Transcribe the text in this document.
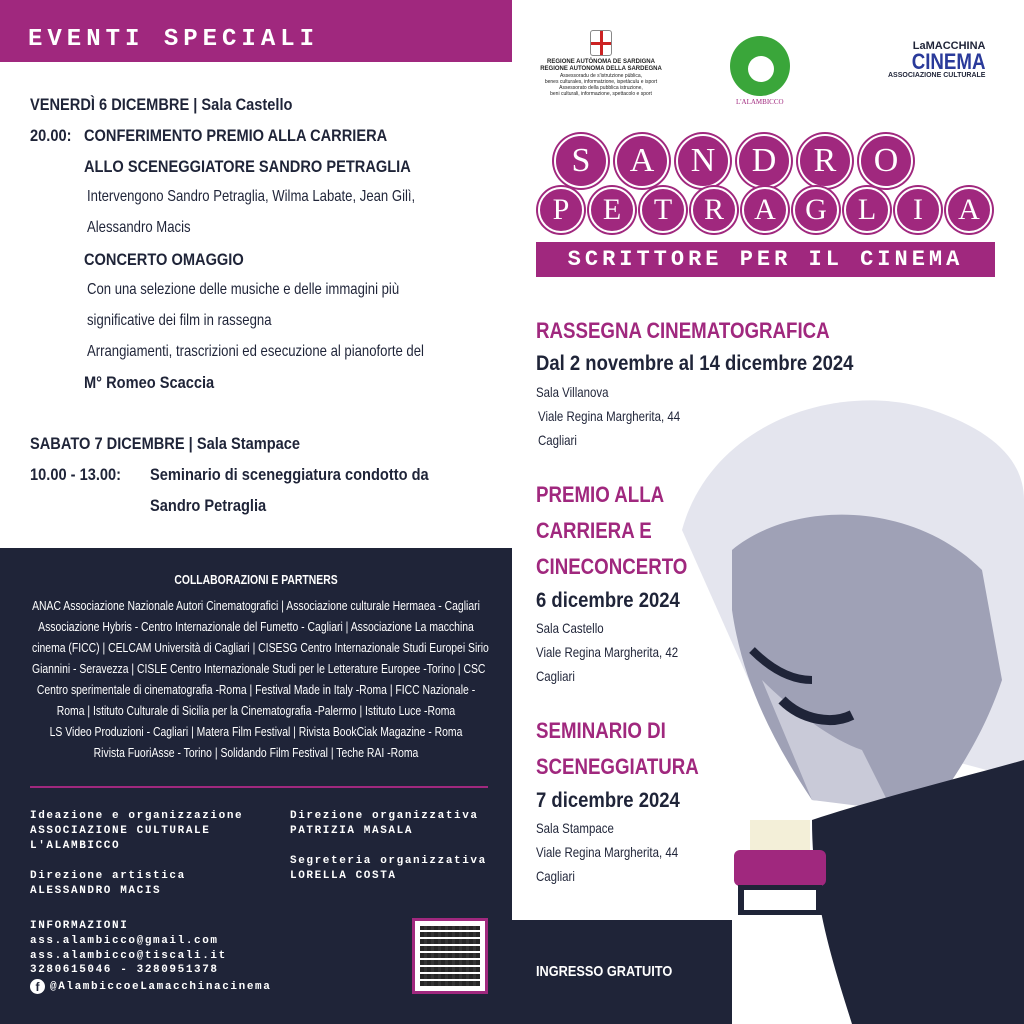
EVENTI SPECIALI
VENERDÌ 6 DICEMBRE | Sala Castello
20.00: CONFERIMENTO PREMIO ALLA CARRIERA
ALLO SCENEGGIATORE SANDRO PETRAGLIA
Intervengono Sandro Petraglia, Wilma Labate, Jean Gilì,
Alessandro Macis
CONCERTO OMAGGIO
Con una selezione delle musiche e delle immagini più
significative dei film in rassegna
Arrangiamenti, trascrizioni ed esecuzione al pianoforte del
M° Romeo Scaccia
SABATO 7 DICEMBRE | Sala Stampace
10.00 - 13.00: Seminario di sceneggiatura condotto da
Sandro Petraglia
COLLABORAZIONI E PARTNERS
ANAC Associazione Nazionale Autori Cinematografici | Associazione culturale Hermaea - Cagliari
Associazione Hybris - Centro Internazionale del Fumetto - Cagliari | Associazione La macchina
cinema (FICC) | CELCAM Università di Cagliari | CISESG Centro Internazionale Studi Europei Sirio
Giannini - Seravezza | CISLE Centro Internazionale Studi per le Letterature Europee -Torino | CSC
Centro sperimentale di cinematografia -Roma | Festival Made in Italy -Roma | FICC Nazionale -
Roma | Istituto Culturale di Sicilia per la Cinematografia -Palermo | Istituto Luce -Roma
LS Video Produzioni - Cagliari | Matera Film Festival | Rivista BookCiak Magazine - Roma
Rivista FuoriAsse - Torino | Solidando Film Festival | Teche RAI -Roma
Ideazione e organizzazione
ASSOCIAZIONE CULTURALE
L'ALAMBICCO
Direzione artistica
ALESSANDRO MACIS
Direzione organizzativa
PATRIZIA MASALA
Segreteria organizzativa
LORELLA COSTA
INFORMAZIONI
ass.alambicco@gmail.com
ass.alambicco@tiscali.it
3280615046 - 3280951378
f @AlambiccoeLamacchinacinema
REGIONE AUTÒNOMA DE SARDIGNA
REGIONE AUTONOMA DELLA SARDEGNA
Assessoradu de s'istrutzione pùblica,
benes culturales, informatzione, ispetàculu e isport
Assessorato della pubblica istruzione,
beni culturali, informazione, spettacolo e sport
L'ALAMBICCO
LaMACCHINA
CINEMA
ASSOCIAZIONE CULTURALE
S	A	N	D	R	O
P	E	T	R	A G	L	I	A
SCRITTORE PER IL CINEMA
RASSEGNA CINEMATOGRAFICA
Dal 2 novembre al 14 dicembre 2024
Sala Villanova
Viale Regina Margherita, 44
Cagliari
PREMIO ALLA
CARRIERA E
CINECONCERTO
6 dicembre 2024
Sala Castello
Viale Regina Margherita, 42
Cagliari
SEMINARIO DI
SCENEGGIATURA
7 dicembre 2024
Sala Stampace
Viale Regina Margherita, 44
Cagliari
INGRESSO GRATUITO
